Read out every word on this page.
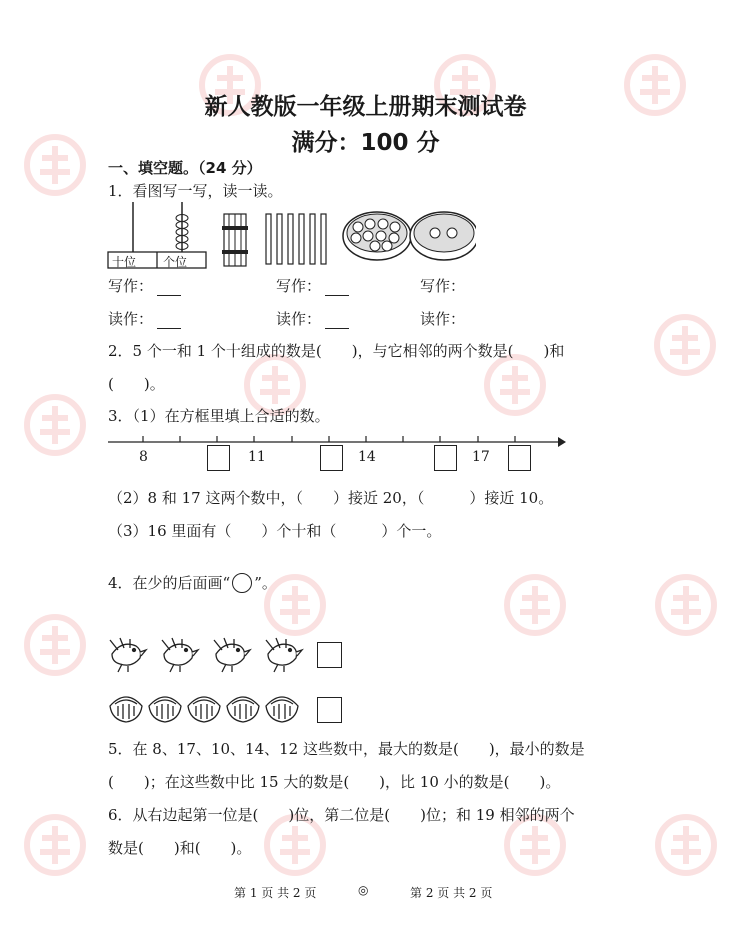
新人教版一年级上册期末测试卷
满分：100 分
一、填空题。（24 分）
1．看图写一写，读一读。
十位 个位
写作：	写作：	写作：
读作：	读作：	读作：
2．5 个一和 1 个十组成的数是(　　)，与它相邻的两个数是(　　)和
(　　)。
3．（1）在方框里填上合适的数。
8	11	14	17
（2）8 和 17 这两个数中，（　　）接近 20，（　　　）接近 10。
（3）16 里面有（　　）个十和（　　　）个一。
4．在少的后面画“ ”。
5．在 8、17、10、14、12 这些数中，最大的数是(　　)，最小的数是
(　　)；在这些数中比 15 大的数是(　　)，比 10 小的数是(　　)。
6．从右边起第一位是(　　)位，第二位是(　　)位；和 19 相邻的两个
数是(　　)和(　　)。
第 1 页 共 2 页	◎	第 2 页 共 2 页
